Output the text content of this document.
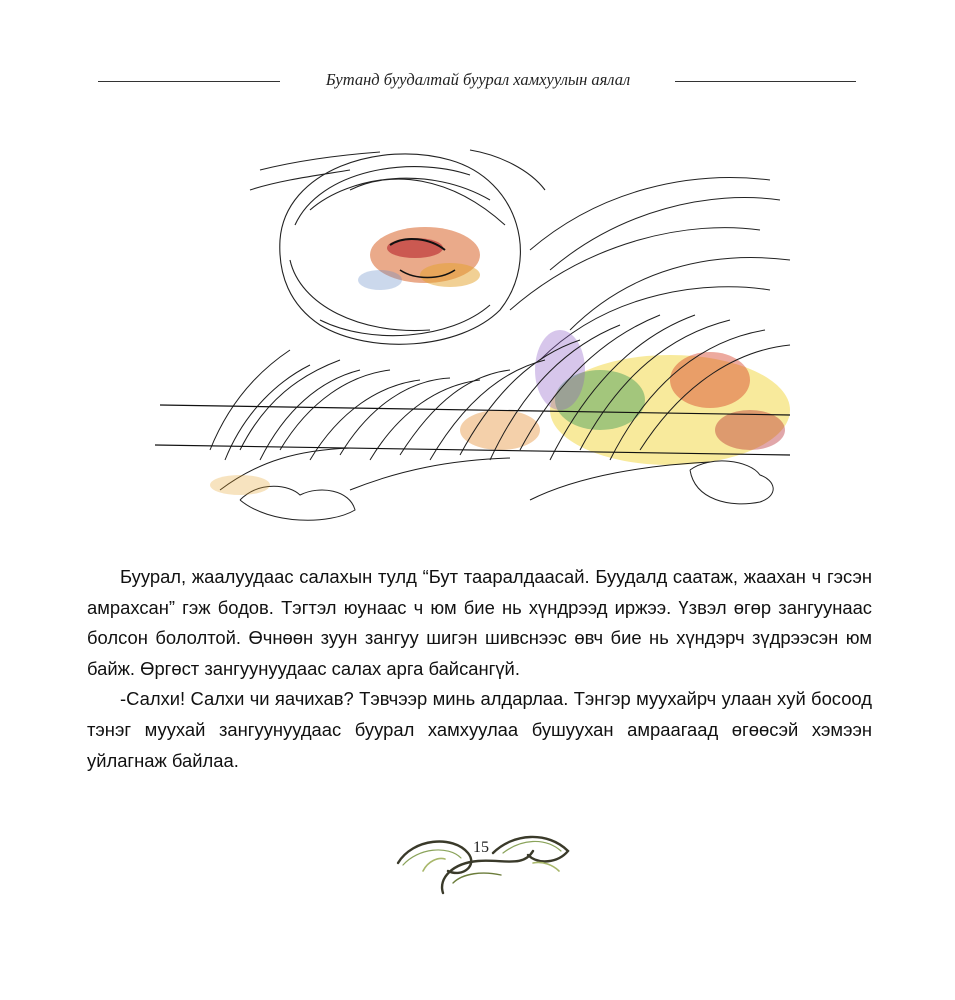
Бутанд буудалтай буурал хамхуулын аялал

Буурал, жаалуудаас салахын тулд “Бут тааралдаасай. Буудалд саатаж, жаахан ч гэсэн амрахсан” гэж бодов. Тэгтэл юунаас ч юм бие нь хүндрээд иржээ. Үзвэл өгөр зангуунаас болсон бололтой. Өчнөөн зуун зангуу шигэн шивснээс өвч бие нь хүндэрч зүдрээсэн юм байж. Өргөст зангуунуудаас салах арга байсангүй.

-Салхи! Салхи чи яачихав? Тэвчээр минь алдарлаа. Тэнгэр муухайрч улаан хуй босоод тэнэг муухай зангуунуудаас буурал хамхуулаа бушуухан амраагаад өгөөсэй хэмээн уйлагнаж байлаа.

15
